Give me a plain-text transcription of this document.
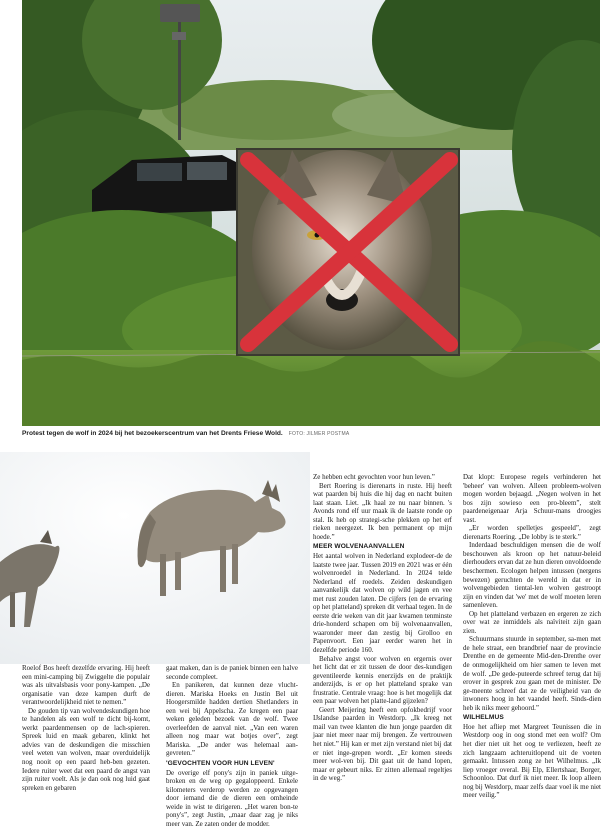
Protest tegen de wolf in 2024 bij het bezoekerscentrum van het Drents Friese Wold. FOTO: JILMER POSTMA

Roelof Bos heeft dezelfde ervaring. Hij heeft een mini-camping bij Zwiggelte die populair was als uitvalsbasis voor pony-kampen. „De organisatie van deze kampen durft de verantwoordelijkheid niet te nemen.”

De gouden tip van wolvendeskundigen hoe te handelen als een wolf te dicht bij-komt, werkt paardenmensen op de lach-spieren. Spreek luid en maak gebaren, klinkt het advies van de deskundigen die misschien veel weten van wolven, maar overduidelijk nog nooit op een paard heb-ben gezeten. Iedere ruiter weet dat een paard de angst van zijn ruiter voelt. Als je dan ook nog luid gaat spreken en gebaren

gaat maken, dan is de paniek binnen een halve seconde compleet.

En panikeren, dat kunnen deze vlucht-dieren. Mariska Hoeks en Justin Bel uit Hoogersmilde hadden dertien Shetlanders in een wei bij Appelscha. Ze kregen een paar weken geleden bezoek van de wolf. Twee overleefden de aanval niet. „Van een waren alleen nog maar wat botjes over”, zegt Mariska. „De ander was helemaal aan-gevreten.”

'GEVOCHTEN VOOR HUN LEVEN'

De overige elf pony's zijn in paniek uitge-broken en de weg op gegaloppeerd. Enkele kilometers verderop werden ze opgevangen door iemand die de dieren een omheinde weide in wist te dirigeren. „Het waren bon-te pony's”, zegt Justin, „maar daar zag je niks meer van. Ze zaten onder de modder.

Ze hebben echt gevochten voor hun leven.”

Bert Roering is dierenarts in ruste. Hij heeft wat paarden bij huis die hij dag en nacht buiten laat staan. Liet. „Ik haal ze nu naar binnen. 's Avonds rond elf uur maak ik de laatste ronde op stal. Ik heb op strategi-sche plekken op het erf rieken neergezet. Ik ben permanent op mijn hoede.”

MEER WOLVENAANVALLEN

Het aantal wolven in Nederland explodeer-de de laatste twee jaar. Tussen 2019 en 2021 was er één wolvenroedel in Nederland. In 2024 telde Nederland elf roedels. Zeiden deskundigen aanvankelijk dat wolven op wild jagen en vee met rust zouden laten. De cijfers (en de ervaring op het platteland) spreken dit verhaal tegen. In de eerste drie weken van dit jaar kwamen tenminste drie-honderd schapen om bij wolvenaanvallen, waaronder meer dan zestig bij Grolloo en Papenvoort. Een jaar eerder waren het in dezelfde periode 160.

Behalve angst voor wolven en ergernis over het licht dat er zit tussen de door des-kundigen geventileerde kennis enerzijds en de praktijk anderzijds, is er op het platteland sprake van frustratie. Centrale vraag: hoe is het mogelijk dat een paar wolven het platte-land gijzelen?

Geert Meijering heeft een opfokbedrijf voor IJslandse paarden in Westdorp. „Ik kreeg net mail van twee klanten die hun jonge paarden dit jaar niet meer naar mij brengen. Ze vertrouwen het niet.” Hij kan er met zijn verstand niet bij dat er niet inge-grepen wordt. „Er komen steeds meer wol-ven bij. Dit gaat uit de hand lopen, maar er gebeurt niks. Er zitten allemaal regeltjes in de weg.”

Dat klopt: Europese regels verhinderen het 'beheer' van wolven. Alleen probleem-wolven mogen worden bejaagd. „Negen wolven in het bos zijn sowieso een pro-bleem”, stelt paardeneigenaar Arja Schuur-mans droogjes vast.

„Er worden spelletjes gespeeld”, zegt dierenarts Roering. „De lobby is te sterk.”

Inderdaad beschuldigen mensen die de wolf beschouwen als kroon op het natuur-beleid dierhouders ervan dat ze hun dieren onvoldoende beschermen. Ecologen helpen intussen (nergens bewezen) geruchten de wereld in dat er in wolvengebieden tiental-len wolven gestroopt zijn en vinden dat 'we' met de wolf moeten leren samenleven.

Op het platteland verbazen en ergeren ze zich over wat ze inmiddels als naïviteit zijn gaan zien.

Schuurmans stuurde in september, sa-men met de hele straat, een brandbrief naar de provincie Drenthe en de gemeente Mid-den-Drenthe over de onmogelijkheid om hier samen te leven met de wolf. „De gede-puteerde schreef terug dat hij erover in gesprek zou gaan met de minister. De ge-meente schreef dat ze de veiligheid van de inwoners hoog in het vaandel heeft. Sinds-dien heb ik niks meer gehoord.”

WILHELMUS

Hoe het afliep met Margreet Teunissen die in Westdorp oog in oog stond met een wolf? Om het dier niet uit het oog te verliezen, heeft ze zich langzaam achteruitlopend uit de voeten gemaakt. Intussen zong ze het Wilhelmus. „Ik liep vroeger overal. Bij Elp, Ellertshaar, Borger, Schoonloo. Dat durf ik niet meer. Ik loop alleen nog bij Westdorp, maar zelfs daar voel ik me niet meer veilig.”
